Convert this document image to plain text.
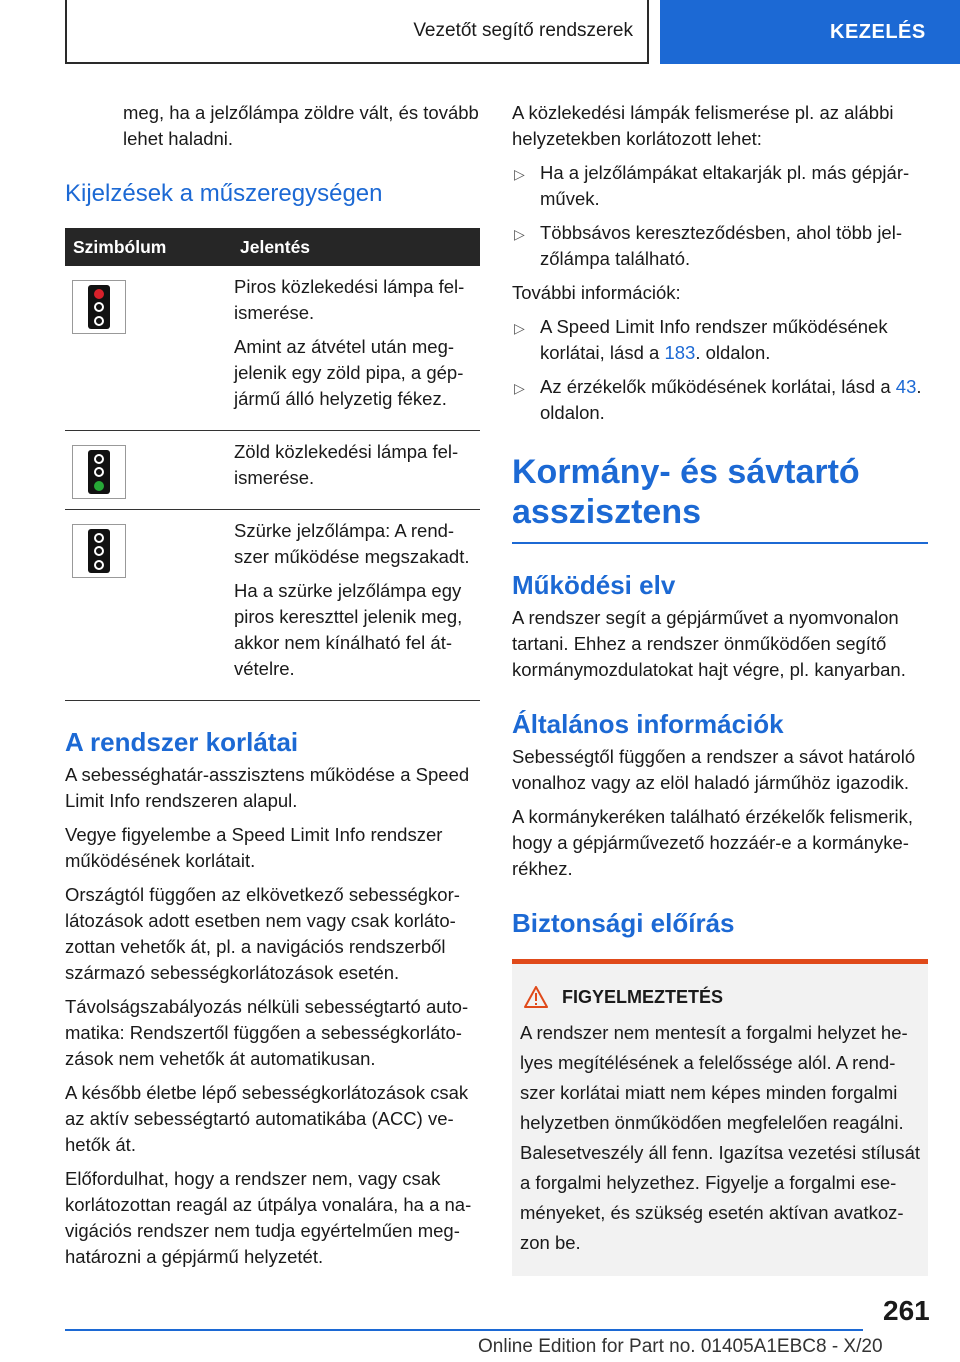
Vezetőt segítő rendszerek	KEZELÉS

meg, ha a jelzőlámpa zöldre vált, és tovább lehet haladni.

Kijelzések a műszeregységen
Szimbólum	Jelentés

	Piros közlekedési lámpa felismerése.

Amint az átvétel után megjelenik egy zöld pipa, a gépjármű álló helyzetig fékez.

	Zöld közlekedési lámpa felismerése.

	Szürke jelzőlámpa: A rendszer működése megszakadt.

Ha a szürke jelzőlámpa egy piros kereszttel jelenik meg, akkor nem kínálható fel átvételre.

A rendszer korlátai

A sebességhatár-asszisztens működése a Speed Limit Info rendszeren alapul.

Vegye figyelembe a Speed Limit Info rendszer működésének korlátait.

Országtól függően az elkövetkező sebességkorlátozások adott esetben nem vagy csak korlátozottan vehetők át, pl. a navigációs rendszerből származó sebességkorlátozások esetén.

Távolságszabályozás nélküli sebességtartó automatika: Rendszertől függően a sebességkorlátozások nem vehetők át automatikusan.

A később életbe lépő sebességkorlátozások csak az aktív sebességtartó automatikába (ACC) vehetők át.

Előfordulhat, hogy a rendszer nem, vagy csak korlátozottan reagál az útpálya vonalára, ha a navigációs rendszer nem tudja egyértelműen meghatározni a gépjármű helyzetét.

A közlekedési lámpák felismerése pl. az alábbi helyzetekben korlátozott lehet:

▷ Ha a jelzőlámpákat eltakarják pl. más gépjárművek.
▷ Többsávos kereszteződésben, ahol több jelzőlámpa található.

További információk:

▷ A Speed Limit Info rendszer működésének korlátai, lásd a 183. oldalon.
▷ Az érzékelők működésének korlátai, lásd a 43. oldalon.
Kormány- és sávtartó asszisztens
Működési elv

A rendszer segít a gépjárművet a nyomvonalon tartani. Ehhez a rendszer önműködően segítő kormánymozdulatokat hajt végre, pl. kanyarban.

Általános információk

Sebességtől függően a rendszer a sávot határoló vonalhoz vagy az elöl haladó járműhöz igazodik.

A kormánykeréken található érzékelők felismerik, hogy a gépjárművezető hozzáér-e a kormánykerékhez.

Biztonsági előírás
FIGYELMEZTETÉS

A rendszer nem mentesít a forgalmi helyzet helyes megítélésének a felelőssége alól. A rendszer korlátai miatt nem képes minden forgalmi helyzetben önműködően megfelelően reagálni. Balesetveszély áll fenn. Igazítsa vezetési stílusát a forgalmi helyzethez. Figyelje a forgalmi eseményeket, és szükség esetén aktívan avatkozzon be.

261
Online Edition for Part no. 01405A1EBC8 - X/20
